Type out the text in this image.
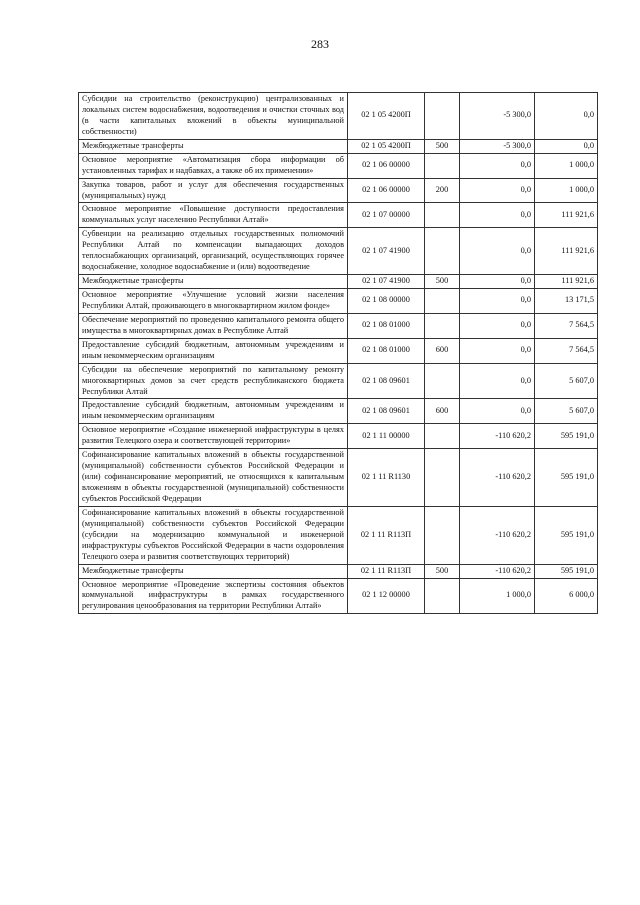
283
Субсидии на строительство (реконструкцию) централизованных и локальных систем водоснабжения, водоотведения и очистки сточных вод (в части капитальных вложений в объекты муниципальной собственности)	02 1 05 4200П		-5 300,0	0,0
Межбюджетные трансферты	02 1 05 4200П	500	-5 300,0	0,0
Основное мероприятие «Автоматизация сбора информации об установленных тарифах и надбавках, а также об их применении»	02 1 06 00000		0,0	1 000,0
Закупка товаров, работ и услуг для обеспечения государственных (муниципальных) нужд	02 1 06 00000	200	0,0	1 000,0
Основное мероприятие «Повышение доступности предоставления коммунальных услуг населению Республики Алтай»	02 1 07 00000		0,0	111 921,6
Субвенции на реализацию отдельных государственных полномочий Республики Алтай по компенсации выпадающих доходов теплоснабжающих организаций, организаций, осуществляющих горячее водоснабжение, холодное водоснабжение и (или) водоотведение	02 1 07 41900		0,0	111 921,6
Межбюджетные трансферты	02 1 07 41900	500	0,0	111 921,6
Основное мероприятие «Улучшение условий жизни населения Республики Алтай, проживающего в многоквартирном жилом фонде»	02 1 08 00000		0,0	13 171,5
Обеспечение мероприятий по проведению капитального ремонта общего имущества в многоквартирных домах в Республике Алтай	02 1 08 01000		0,0	7 564,5
Предоставление субсидий бюджетным, автономным учреждениям и иным некоммерческим организациям	02 1 08 01000	600	0,0	7 564,5
Субсидии на обеспечение мероприятий по капитальному ремонту многоквартирных домов за счет средств республиканского бюджета Республики Алтай	02 1 08 09601		0,0	5 607,0
Предоставление субсидий бюджетным, автономным учреждениям и иным некоммерческим организациям	02 1 08 09601	600	0,0	5 607,0
Основное мероприятие «Создание инженерной инфраструктуры в целях развития Телецкого озера и соответствующей территории»	02 1 11 00000		-110 620,2	595 191,0
Софинансирование капитальных вложений в объекты государственной (муниципальной) собственности субъектов Российской Федерации и (или) софинансирование мероприятий, не относящихся к капитальным вложениям в объекты государственной (муниципальной) собственности субъектов Российской Федерации	02 1 11 R1130		-110 620,2	595 191,0
Софинансирование капитальных вложений в объекты государственной (муниципальной) собственности субъектов Российской Федерации (субсидии на модернизацию коммунальной и инженерной инфраструктуры субъектов Российской Федерации в части оздоровления Телецкого озера и развития соответствующих территорий)	02 1 11 R113П		-110 620,2	595 191,0
Межбюджетные трансферты	02 1 11 R113П	500	-110 620,2	595 191,0
Основное мероприятие «Проведение экспертизы состояния объектов коммунальной инфраструктуры в рамках государственного регулирования ценообразования на территории Республики Алтай»	02 1 12 00000		1 000,0	6 000,0
